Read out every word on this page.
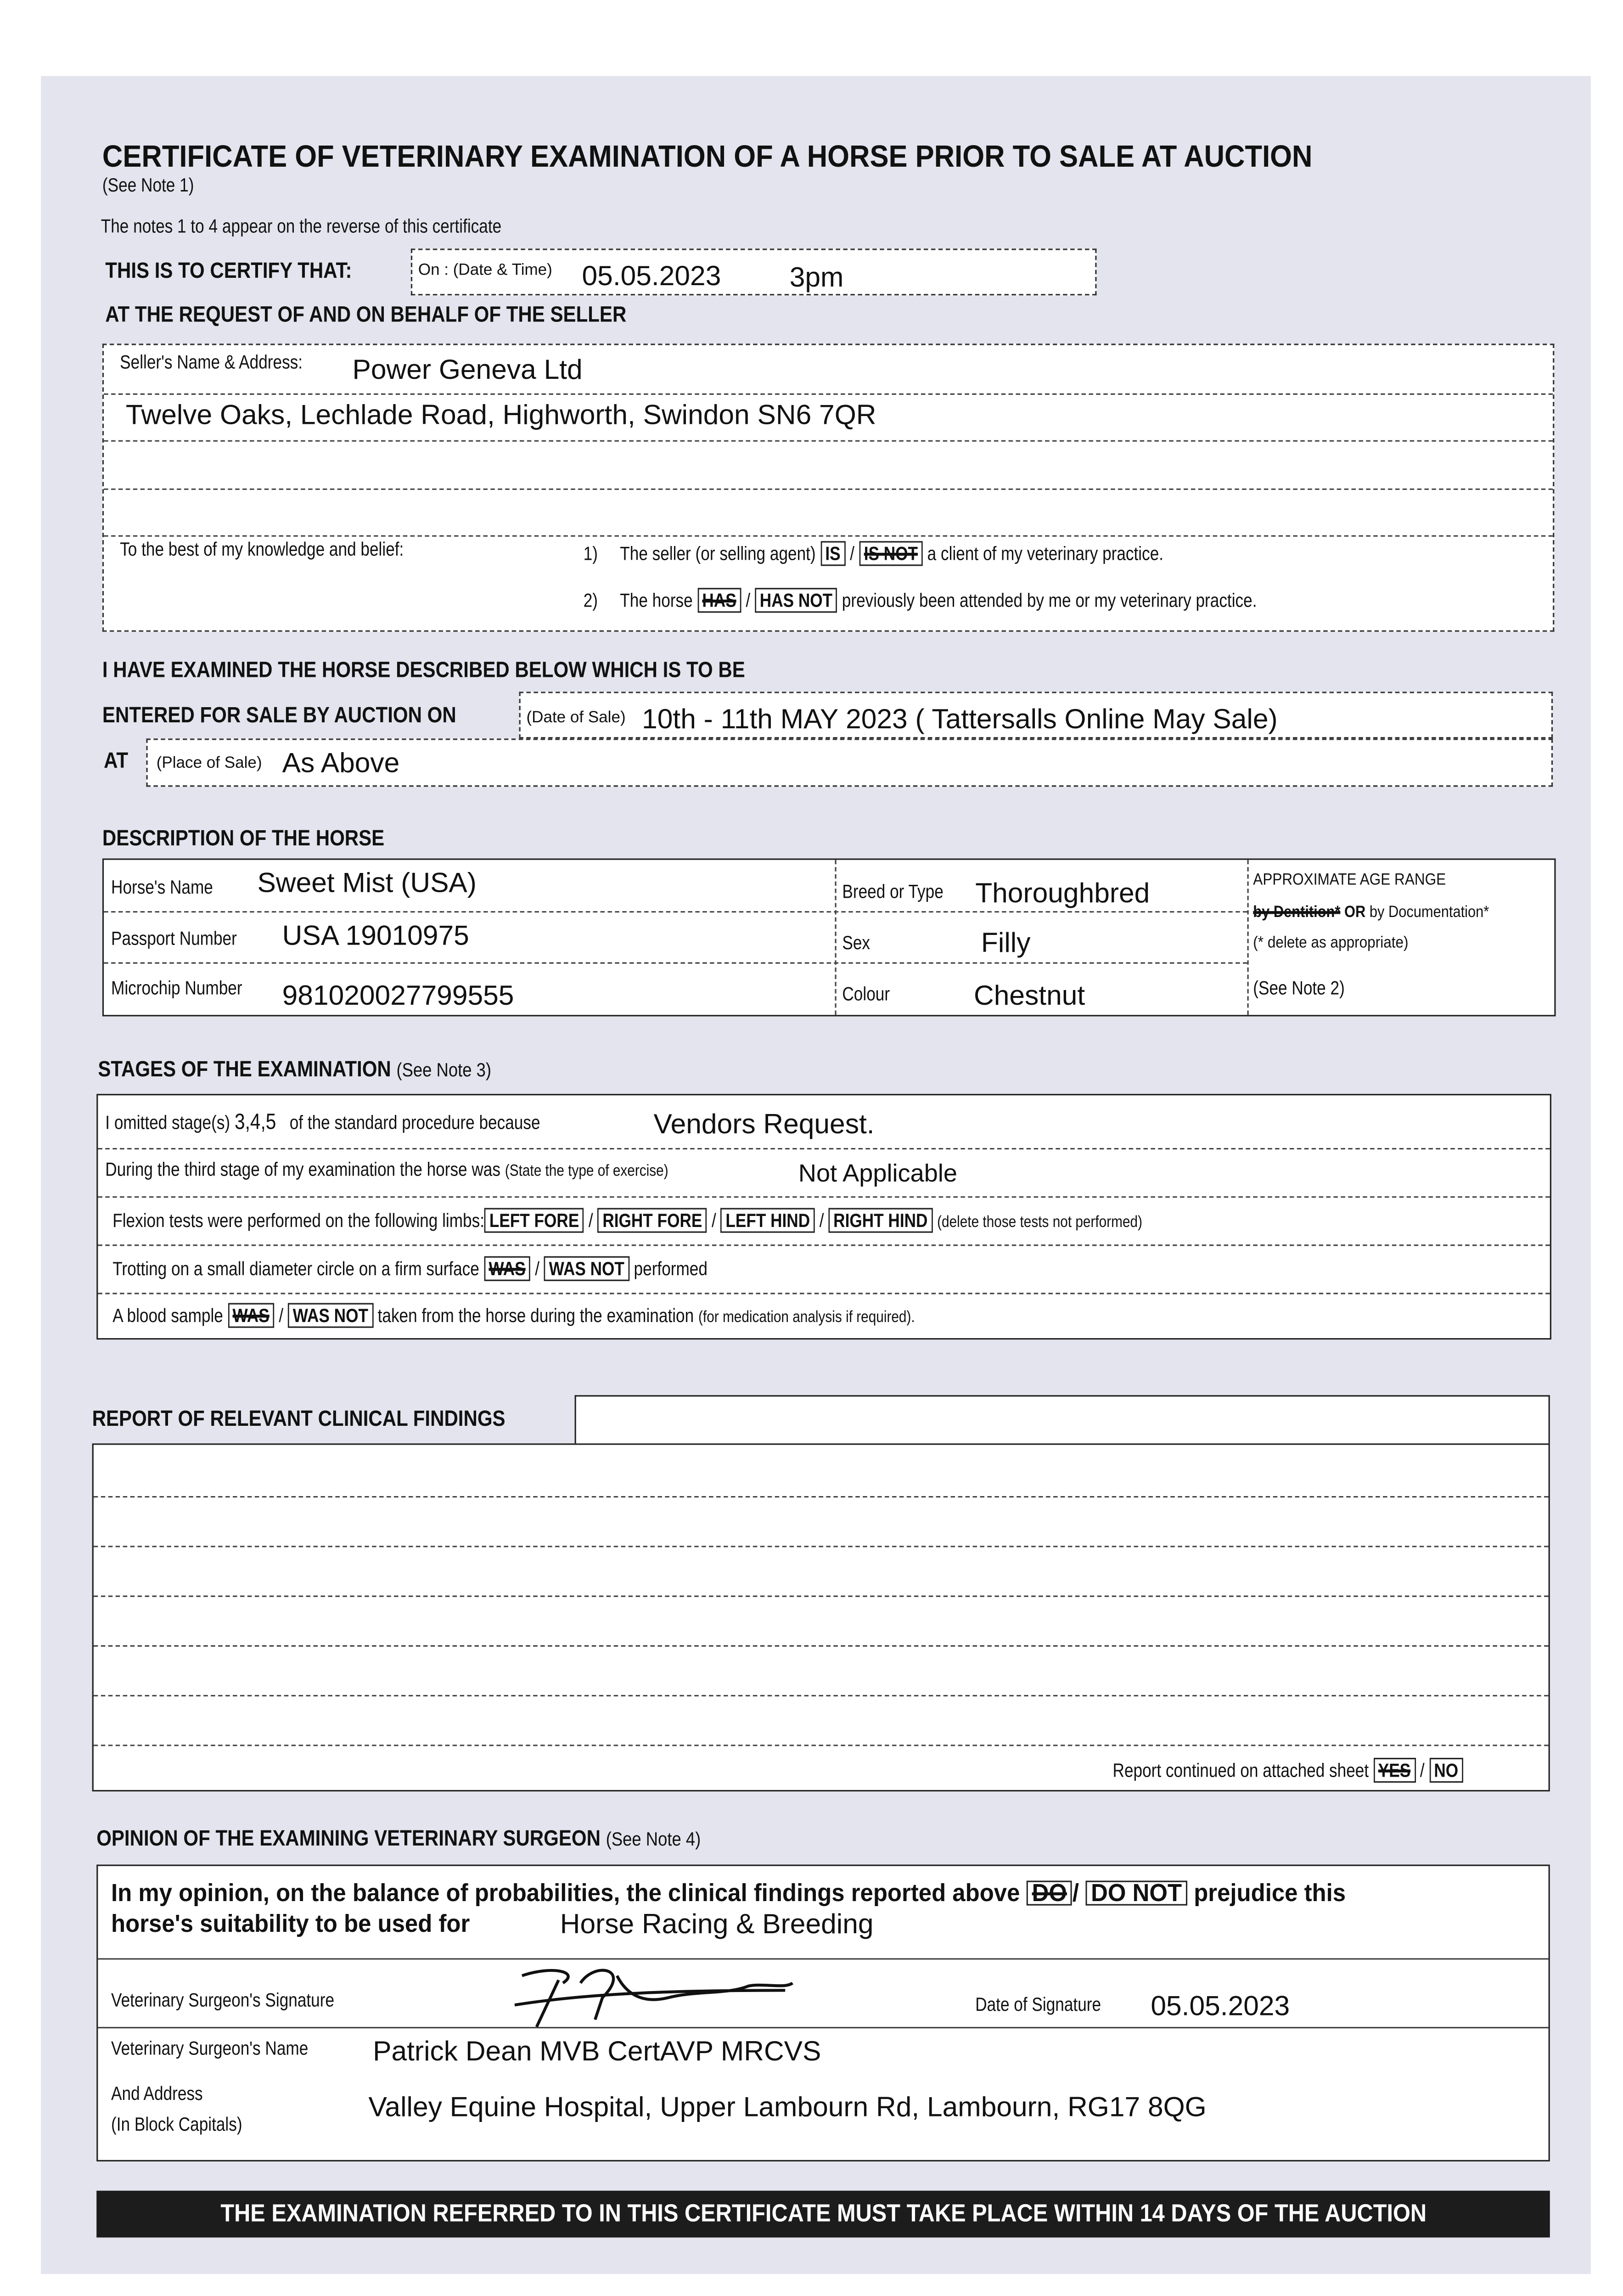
CERTIFICATE OF VETERINARY EXAMINATION OF A HORSE PRIOR TO SALE AT AUCTION
(See Note 1)
The notes 1 to 4 appear on the reverse of this certificate
THIS IS TO CERTIFY THAT:	On : (Date & Time)	05.05.2023	3pm
AT THE REQUEST OF AND ON BEHALF OF THE SELLER
Seller's Name & Address:	Power Geneva Ltd
Twelve Oaks, Lechlade Road, Highworth, Swindon SN6 7QR
To the best of my knowledge and belief:	1)	The seller (or selling agent) IS / IS NOT a client of my veterinary practice.
2)	The horse HAS / HAS NOT previously been attended by me or my veterinary practice.
I HAVE EXAMINED THE HORSE DESCRIBED BELOW WHICH IS TO BE
ENTERED FOR SALE BY AUCTION ON	(Date of Sale) 10th - 11th MAY 2023 ( Tattersalls Online May Sale)
AT	(Place of Sale) As Above
DESCRIPTION OF THE HORSE
Horse's Name	Sweet Mist (USA)
Passport Number	USA 19010975
Microchip Number	981020027799555
Breed or Type	Thoroughbred
Sex	Filly
Colour	Chestnut
APPROXIMATE AGE RANGE
by Dentition* OR by Documentation*
(* delete as appropriate)
(See Note 2)
STAGES OF THE EXAMINATION (See Note 3)
I omitted stage(s) 3,4,5 of the standard procedure because	Vendors Request.
During the third stage of my examination the horse was (State the type of exercise)	Not Applicable
Flexion tests were performed on the following limbs: LEFT FORE / RIGHT FORE / LEFT HIND / RIGHT HIND (delete those tests not performed)
Trotting on a small diameter circle on a firm surface WAS / WAS NOT performed
A blood sample WAS / WAS NOT taken from the horse during the examination (for medication analysis if required).
REPORT OF RELEVANT CLINICAL FINDINGS
Report continued on attached sheet YES / NO
OPINION OF THE EXAMINING VETERINARY SURGEON (See Note 4)
In my opinion, on the balance of probabilities, the clinical findings reported above DO / DO NOT prejudice this
horse's suitability to be used for	Horse Racing & Breeding
Veterinary Surgeon's Signature	Date of Signature	05.05.2023
Veterinary Surgeon's Name	Patrick Dean MVB CertAVP MRCVS
And Address
(In Block Capitals)
Valley Equine Hospital, Upper Lambourn Rd, Lambourn, RG17 8QG
THE EXAMINATION REFERRED TO IN THIS CERTIFICATE MUST TAKE PLACE WITHIN 14 DAYS OF THE AUCTION
